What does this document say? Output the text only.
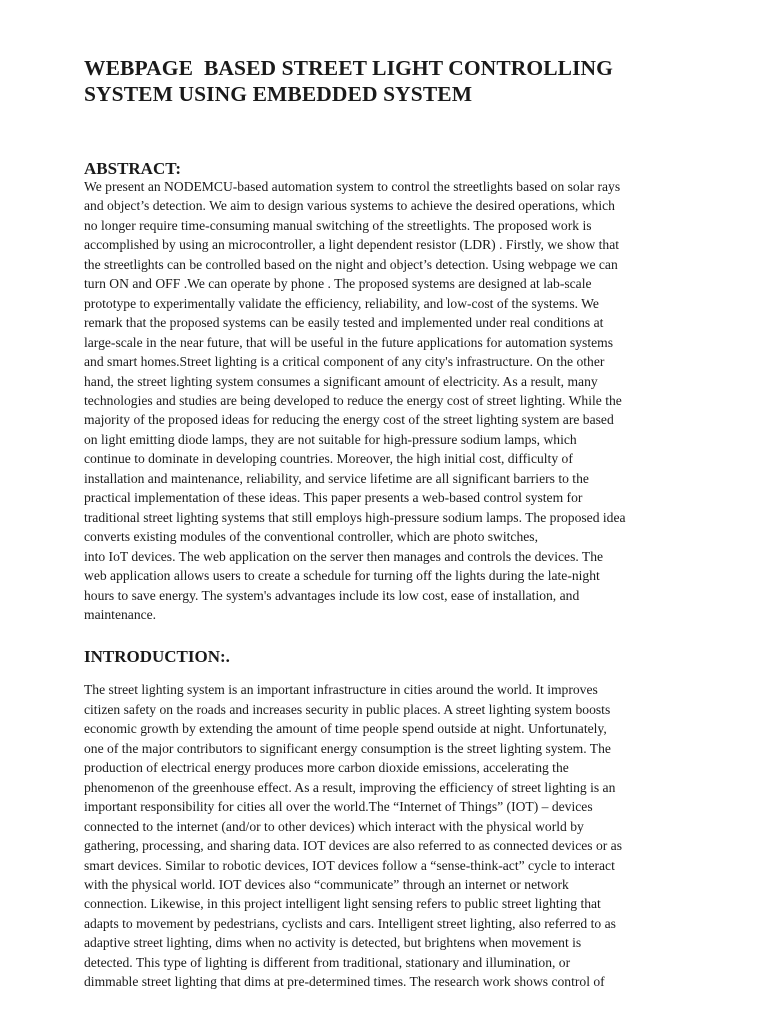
WEBPAGE  BASED STREET LIGHT CONTROLLING
SYSTEM USING EMBEDDED SYSTEM
ABSTRACT:
We present an NODEMCU-based automation system to control the streetlights based on solar rays
and object’s detection. We aim to design various systems to achieve the desired operations, which
no longer require time-consuming manual switching of the streetlights. The proposed work is
accomplished by using an microcontroller, a light dependent resistor (LDR) . Firstly, we show that
the streetlights can be controlled based on the night and object’s detection. Using webpage we can
turn ON and OFF .We can operate by phone . The proposed systems are designed at lab-scale
prototype to experimentally validate the efficiency, reliability, and low-cost of the systems. We
remark that the proposed systems can be easily tested and implemented under real conditions at
large-scale in the near future, that will be useful in the future applications for automation systems
and smart homes.Street lighting is a critical component of any city's infrastructure. On the other
hand, the street lighting system consumes a significant amount of electricity. As a result, many
technologies and studies are being developed to reduce the energy cost of street lighting. While the
majority of the proposed ideas for reducing the energy cost of the street lighting system are based
on light emitting diode lamps, they are not suitable for high-pressure sodium lamps, which
continue to dominate in developing countries. Moreover, the high initial cost, difficulty of
installation and maintenance, reliability, and service lifetime are all significant barriers to the
practical implementation of these ideas. This paper presents a web-based control system for
traditional street lighting systems that still employs high-pressure sodium lamps. The proposed idea
converts existing modules of the conventional controller, which are photo switches,
into IoT devices. The web application on the server then manages and controls the devices. The
web application allows users to create a schedule for turning off the lights during the late-night
hours to save energy. The system's advantages include its low cost, ease of installation, and
maintenance.
INTRODUCTION:.
The street lighting system is an important infrastructure in cities around the world. It improves
citizen safety on the roads and increases security in public places. A street lighting system boosts
economic growth by extending the amount of time people spend outside at night. Unfortunately,
one of the major contributors to significant energy consumption is the street lighting system. The
production of electrical energy produces more carbon dioxide emissions, accelerating the
phenomenon of the greenhouse effect. As a result, improving the efficiency of street lighting is an
important responsibility for cities all over the world.The “Internet of Things” (IOT) – devices
connected to the internet (and/or to other devices) which interact with the physical world by
gathering, processing, and sharing data. IOT devices are also referred to as connected devices or as
smart devices. Similar to robotic devices, IOT devices follow a “sense-think-act” cycle to interact
with the physical world. IOT devices also “communicate” through an internet or network
connection. Likewise, in this project intelligent light sensing refers to public street lighting that
adapts to movement by pedestrians, cyclists and cars. Intelligent street lighting, also referred to as
adaptive street lighting, dims when no activity is detected, but brightens when movement is
detected. This type of lighting is different from traditional, stationary and illumination, or
dimmable street lighting that dims at pre-determined times. The research work shows control of
